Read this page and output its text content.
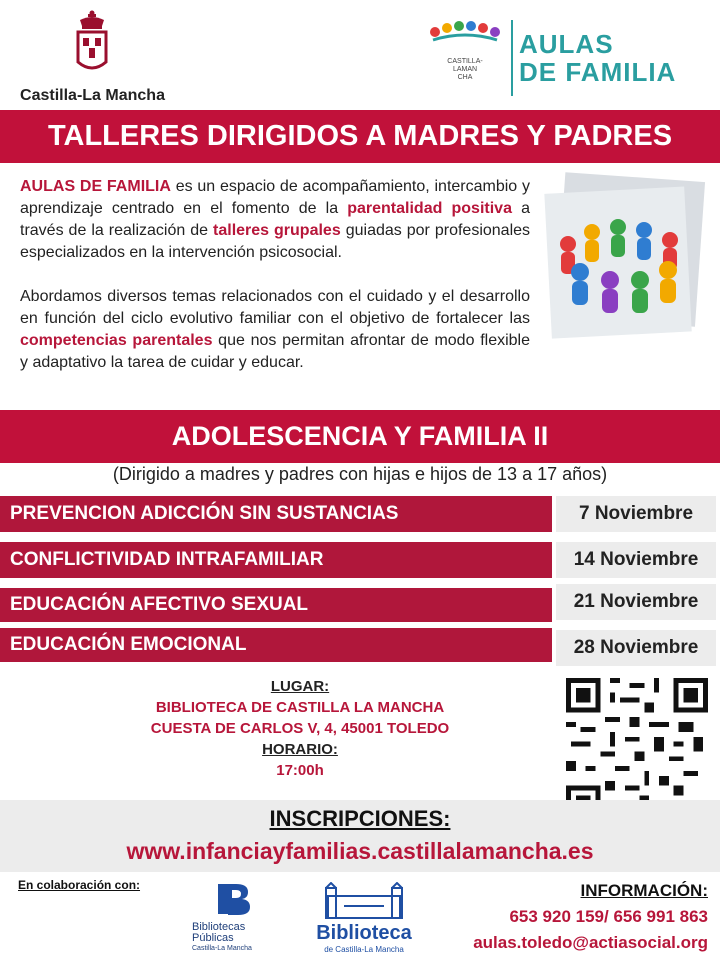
Castilla-La Mancha
CASTILLA-
LAMAN
CHA
AULAS
DE FAMILIA
TALLERES DIRIGIDOS A MADRES Y PADRES

AULAS DE FAMILIA es un espacio de acompañamiento, intercambio y aprendizaje centrado en el fomento de la parentalidad positiva a través de la realización de talleres grupales guiadas por profesionales especializados en la intervención psicosocial.

Abordamos diversos temas relacionados con el cuidado y el desarrollo en función del ciclo evolutivo familiar con el objetivo de fortalecer las competencias parentales que nos permitan afrontar de modo flexible y adaptativo la tarea de cuidar y educar.

ADOLESCENCIA Y FAMILIA II
(Dirigido a madres y padres con hijas e hijos de 13 a 17 años)
PREVENCION ADICCIÓN SIN SUSTANCIAS	7 Noviembre
CONFLICTIVIDAD INTRAFAMILIAR	14 Noviembre
EDUCACIÓN AFECTIVO SEXUAL	21 Noviembre
EDUCACIÓN EMOCIONAL	28 Noviembre
LUGAR:
BIBLIOTECA DE CASTILLA LA MANCHA
CUESTA DE CARLOS V, 4, 45001 TOLEDO
HORARIO:
17:00h
INSCRIPCIONES:
www.infanciayfamilias.castillalamancha.es
En colaboración con:
Bibliotecas
Públicas
Castilla-La Mancha
Biblioteca
de Castilla-La Mancha
INFORMACIÓN:
653 920 159/ 656 991 863
aulas.toledo@actiasocial.org
